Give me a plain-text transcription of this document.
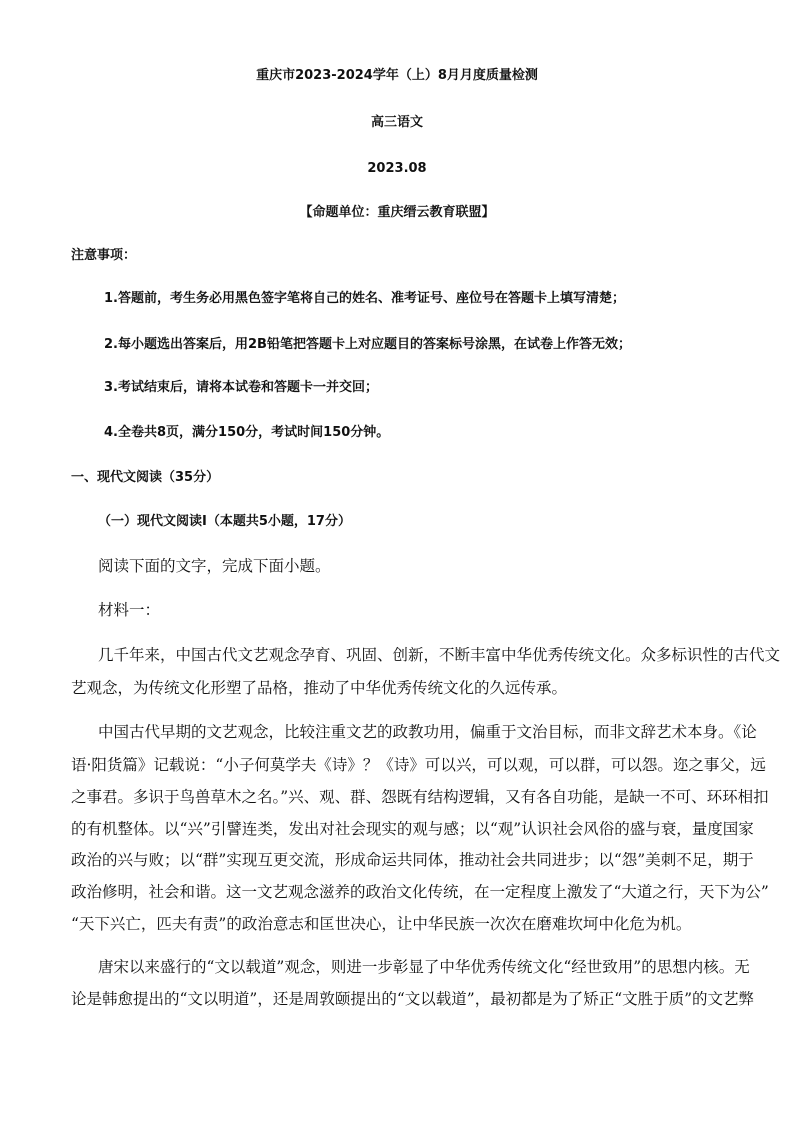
重庆市2023-2024学年（上）8月月度质量检测
高三语文
2023.08
【命题单位：重庆缙云教育联盟】
注意事项：
1.答题前，考生务必用黑色签字笔将自己的姓名、准考证号、座位号在答题卡上填写清楚；
2.每小题选出答案后，用2B铅笔把答题卡上对应题目的答案标号涂黑，在试卷上作答无效；
3.考试结束后，请将本试卷和答题卡一并交回；
4.全卷共8页，满分150分，考试时间150分钟。
一、现代文阅读（35分）
（一）现代文阅读Ⅰ（本题共5小题，17分）
阅读下面的文字，完成下面小题。
材料一：
几千年来，中国古代文艺观念孕育、巩固、创新，不断丰富中华优秀传统文化。众多标识性的古代文
艺观念，为传统文化形塑了品格，推动了中华优秀传统文化的久远传承。
中国古代早期的文艺观念，比较注重文艺的政教功用，偏重于文治目标，而非文辞艺术本身。《论
语·阳货篇》记载说：“小子何莫学夫《诗》？《诗》可以兴，可以观，可以群，可以怨。迩之事父，远
之事君。多识于鸟兽草木之名。”兴、观、群、怨既有结构逻辑，又有各自功能，是缺一不可、环环相扣
的有机整体。以“兴”引譬连类，发出对社会现实的观与感；以“观”认识社会风俗的盛与衰，量度国家
政治的兴与败；以“群”实现互更交流，形成命运共同体，推动社会共同进步；以“怨”美刺不足，期于
政治修明，社会和谐。这一文艺观念滋养的政治文化传统，在一定程度上激发了“大道之行，天下为公”
“天下兴亡，匹夫有责”的政治意志和匡世决心，让中华民族一次次在磨难坎坷中化危为机。
唐宋以来盛行的“文以载道”观念，则进一步彰显了中华优秀传统文化“经世致用”的思想内核。无
论是韩愈提出的“文以明道”，还是周敦颐提出的“文以载道”，最初都是为了矫正“文胜于质”的文艺弊
